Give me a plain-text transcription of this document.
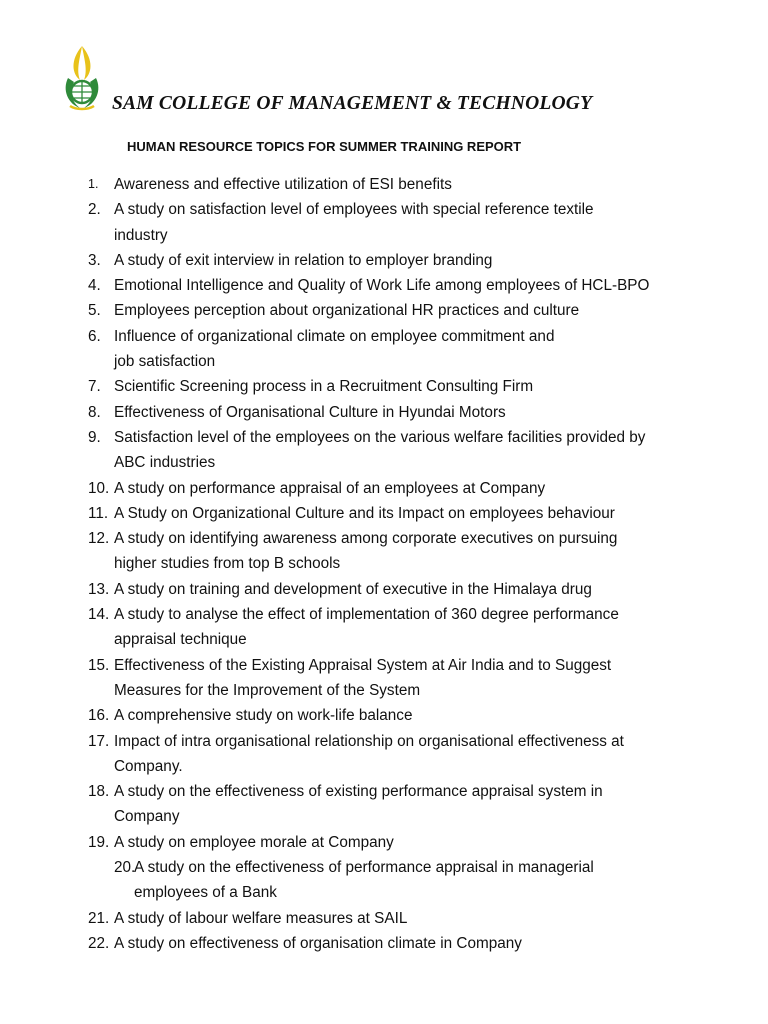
SAM COLLEGE OF MANAGEMENT & TECHNOLOGY
HUMAN RESOURCE TOPICS FOR SUMMER TRAINING REPORT
1. Awareness and effective utilization of ESI benefits
2. A study on satisfaction level of employees with special reference textile
industry
3. A study of exit interview in relation to employer branding
4. Emotional Intelligence and Quality of Work Life among employees of HCL-BPO
5. Employees perception about organizational HR practices and culture
6. Influence of organizational climate on employee commitment and
job satisfaction
7. Scientific Screening process in a Recruitment Consulting Firm
8. Effectiveness of Organisational Culture in Hyundai Motors
9. Satisfaction level of the employees on the various welfare facilities provided by
ABC industries
10. A study on performance appraisal of an employees at Company
11. A Study on Organizational Culture and its Impact on employees behaviour
12. A study on identifying awareness among corporate executives on pursuing
higher studies from top B schools
13. A study on training and development of executive in the Himalaya drug
14. A study to analyse the effect of implementation of 360 degree performance
appraisal technique
15. Effectiveness of the Existing Appraisal System at Air India and to Suggest
Measures for the Improvement of the System
16. A comprehensive study on work-life balance
17. Impact of intra organisational relationship on organisational effectiveness at
Company.
18. A study on the effectiveness of existing performance appraisal system in
Company
19. A study on employee morale at Company
20.
A study on the effectiveness of performance appraisal in managerial
employees of a Bank
21. A study of labour welfare measures at SAIL
22. A study on effectiveness of organisation climate in Company
